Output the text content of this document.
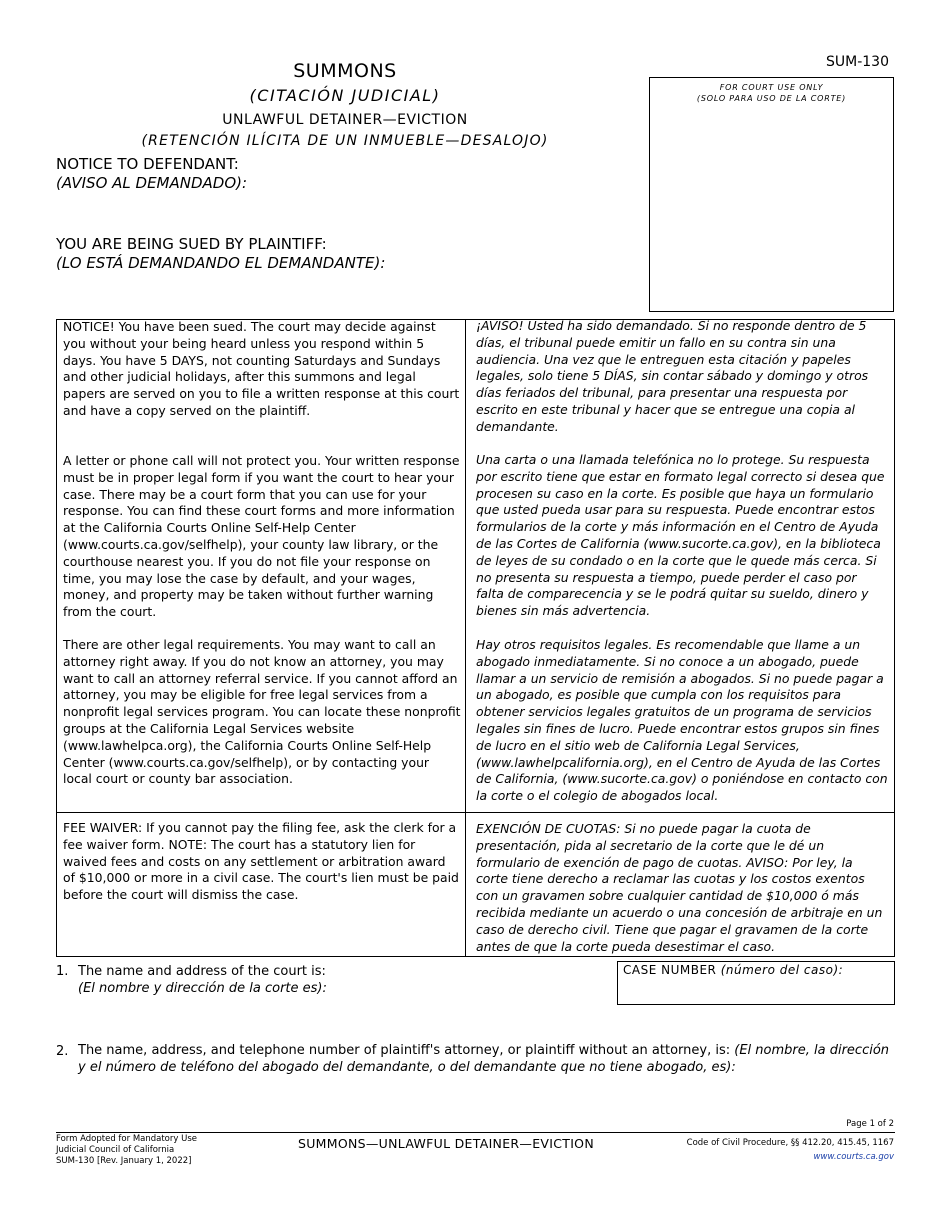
SUM-130
SUMMONS
(CITACIÓN JUDICIAL)
UNLAWFUL DETAINER—EVICTION
(RETENCIÓN ILÍCITA DE UN INMUEBLE—DESALOJO)
NOTICE TO DEFENDANT:
(AVISO AL DEMANDADO):
YOU ARE BEING SUED BY PLAINTIFF:
(LO ESTÁ DEMANDANDO EL DEMANDANTE):
FOR COURT USE ONLY
(SOLO PARA USO DE LA CORTE)
NOTICE! You have been sued. The court may decide against you without your being heard unless you respond within 5 days. You have 5 DAYS, not counting Saturdays and Sundays and other judicial holidays, after this summons and legal papers are served on you to file a written response at this court and have a copy served on the plaintiff.
A letter or phone call will not protect you. Your written response must be in proper legal form if you want the court to hear your case. There may be a court form that you can use for your response. You can find these court forms and more information at the California Courts Online Self-Help Center (www.courts.ca.gov/selfhelp), your county law library, or the courthouse nearest you. If you do not file your response on time, you may lose the case by default, and your wages, money, and property may be taken without further warning from the court.
There are other legal requirements. You may want to call an attorney right away. If you do not know an attorney, you may want to call an attorney referral service. If you cannot afford an attorney, you may be eligible for free legal services from a nonprofit legal services program. You can locate these nonprofit groups at the California Legal Services website (www.lawhelpca.org), the California Courts Online Self-Help Center (www.courts.ca.gov/selfhelp), or by contacting your local court or county bar association.
FEE WAIVER: If you cannot pay the filing fee, ask the clerk for a fee waiver form. NOTE: The court has a statutory lien for waived fees and costs on any settlement or arbitration award of $10,000 or more in a civil case. The court's lien must be paid before the court will dismiss the case.
¡AVISO! Usted ha sido demandado. Si no responde dentro de 5 días, el tribunal puede emitir un fallo en su contra sin una audiencia. Una vez que le entreguen esta citación y papeles legales, solo tiene 5 DÍAS, sin contar sábado y domingo y otros días feriados del tribunal, para presentar una respuesta por escrito en este tribunal y hacer que se entregue una copia al demandante.
Una carta o una llamada telefónica no lo protege. Su respuesta por escrito tiene que estar en formato legal correcto si desea que procesen su caso en la corte. Es posible que haya un formulario que usted pueda usar para su respuesta. Puede encontrar estos formularios de la corte y más información en el Centro de Ayuda de las Cortes de California (www.sucorte.ca.gov), en la biblioteca de leyes de su condado o en la corte que le quede más cerca. Si no presenta su respuesta a tiempo, puede perder el caso por falta de comparecencia y se le podrá quitar su sueldo, dinero y bienes sin más advertencia.
Hay otros requisitos legales. Es recomendable que llame a un abogado inmediatamente. Si no conoce a un abogado, puede llamar a un servicio de remisión a abogados. Si no puede pagar a un abogado, es posible que cumpla con los requisitos para obtener servicios legales gratuitos de un programa de servicios legales sin fines de lucro. Puede encontrar estos grupos sin fines de lucro en el sitio web de California Legal Services, (www.lawhelpcalifornia.org), en el Centro de Ayuda de las Cortes de California, (www.sucorte.ca.gov) o poniéndose en contacto con la corte o el colegio de abogados local.
EXENCIÓN DE CUOTAS: Si no puede pagar la cuota de presentación, pida al secretario de la corte que le dé un formulario de exención de pago de cuotas. AVISO: Por ley, la corte tiene derecho a reclamar las cuotas y los costos exentos con un gravamen sobre cualquier cantidad de $10,000 ó más recibida mediante un acuerdo o una concesión de arbitraje en un caso de derecho civil. Tiene que pagar el gravamen de la corte antes de que la corte pueda desestimar el caso.
1. The name and address of the court is:
(El nombre y dirección de la corte es):
CASE NUMBER (número del caso):
2. The name, address, and telephone number of plaintiff's attorney, or plaintiff without an attorney, is: (El nombre, la dirección y el número de teléfono del abogado del demandante, o del demandante que no tiene abogado, es):
Page 1 of 2
Form Adopted for Mandatory Use
Judicial Council of California
SUM-130 [Rev. January 1, 2022]
SUMMONS—UNLAWFUL DETAINER—EVICTION	Code of Civil Procedure, §§ 412.20, 415.45, 1167
www.courts.ca.gov
